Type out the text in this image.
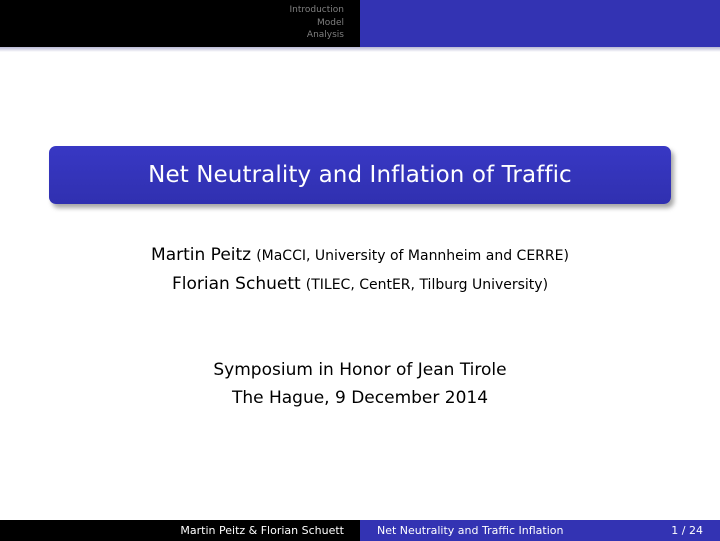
Introduction
Model
Analysis
Net Neutrality and Inflation of Traffic
Martin Peitz (MaCCI, University of Mannheim and CERRE)
Florian Schuett (TILEC, CentER, Tilburg University)
Symposium in Honor of Jean Tirole
The Hague, 9 December 2014
Martin Peitz & Florian Schuett	Net Neutrality and Traffic Inflation	1 / 24
